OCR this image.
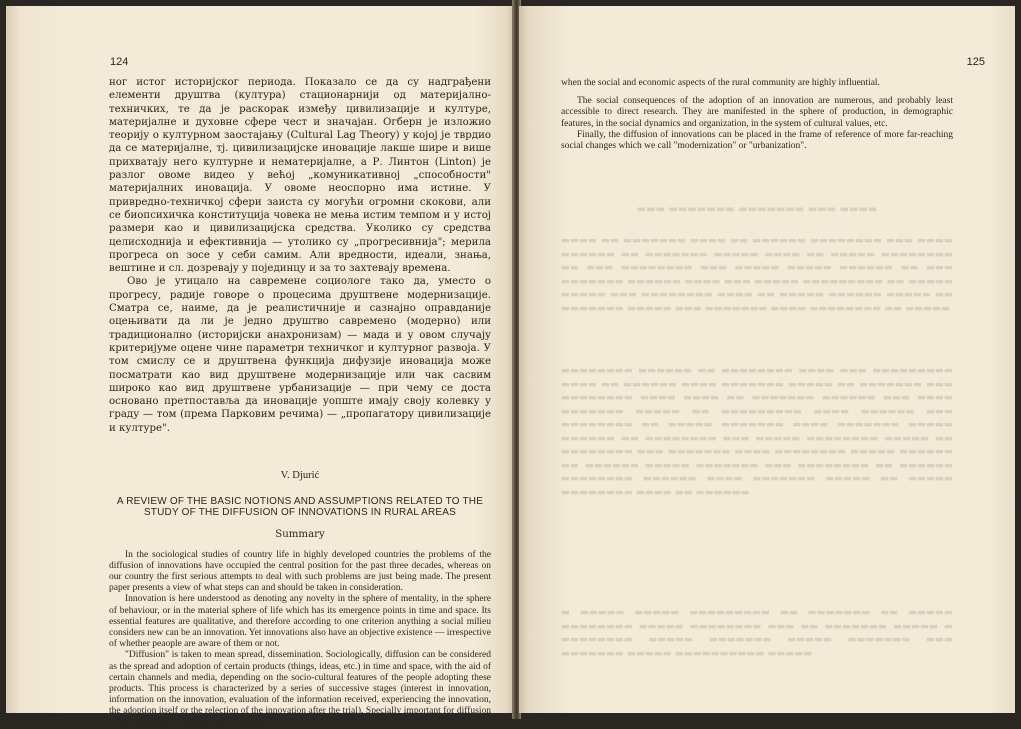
124

ног истог историјског периода. Показало се да су надграђени елементи друштва (културa) стационарнији од материјално-техничких, те да је раскорак између цивилизације и културе, материјалне и духовне сфере чест и значајан. Огберн је изложио теорију о културном заостајању (Cultural Lag Theory) у којој је тврдио да се материјалне, тј. цивилизацијске иновације лакше шире и више прихватају него културне и нематеријалне, а Р. Линтон (Linton) је разлог овоме видео у већој „комуникативној „способности" материјалних иновација. У овоме неоспорно има истине. У привредно-техничкој сфери заиста су могући огромни скокови, али се биопсихичка конституција човека не мења истим темпом и у истој размери као и цивилизацијска средства. Уколико су средства целисходнија и ефективнија — утолико су „прогресивнија"; мерила прогреса on зосе у себи самим. Али вредности, идеали, знања, вештине и сл. дозревају у појединцу и за то захтевају времена.

Ово је утицало на савремене социологе тако да, уместо о прогресу, радије говоре о процесима друштвене модернизације. Сматра се, наиме, да је реалистичније и сазнајно оправданије оцењивати да ли је једно друштво савремено (модерно) или традиционално (историјски анахронизам) — мада и у овом случају критеријуме оцене чине параметри техничког и културног развоја. У том смислу се и друштвена функција дифузије иновација може посматрати као вид друштвене модернизације или чак сасвим широко као вид друштвене урбанизације — при чему се доста основано претпоставља да иновације уопште имају своју колевку у граду — том (према Парковим речима) — „пропагатору цивилизације и културе".

V. Djurić
A REVIEW OF THE BASIC NOTIONS AND ASSUMPTIONS RELATED TO THE STUDY OF THE DIFFUSION OF INNOVATIONS IN RURAL AREAS
Summary

In the sociological studies of country life in highly developed countries the problems of the diffusion of innovations have occupied the central position for the past three decades, whereas on our country the first serious attempts to deal with such problems are just being made. The present paper presents a view of what steps can and should be taken in consideration.

Innovation is here understood as denoting any novelty in the sphere of mentality, in the sphere of behaviour, or in the material sphere of life which has its emergence points in time and space. Its essential features are qualitative, and therefore according to one criterion anything a social milieu considers new can be an innovation. Yet innovations also have an objective existence — irrespective of whether peaople are aware of them or not.

"Diffusion" is taken to mean spread, dissemination. Sociologically, diffusion can be considered as the spread and adoption of certain products (things, ideas, etc.) in time and space, with the aid of certain channels and media, depending on the socio-cultural features of the people adopting these products. This process is characterized by a series of successive stages (interest in innovation, information on the innovation, evaluation of the information received, experiencing the innovation, the adoption itself or the relection of the innovation after the trial). Specially important for diffusion are the stages of information and adoption,

125

when the social and economic aspects of the rural community are highly influential.

The social consequences of the adoption of an innovation are numerous, and probably least accessible to direct research. They are manifested in the sphere of production, in demographic features, in the social dynamics and organization, in the system of cultural values, etc.

Finally, the diffusion of innovations can be placed in the frame of reference of more far-reaching social changes which we call "modernization" or "urbanization".

▬▬▬ ▬▬▬▬▬▬▬ ▬▬▬▬▬▬▬ ▬▬▬ ▬▬▬▬
▬▬▬▬ ▬▬ ▬▬▬▬▬▬▬ ▬▬▬▬ ▬▬ ▬▬▬▬▬▬ ▬▬▬▬▬▬▬▬ ▬▬▬ ▬▬▬▬ ▬▬▬▬▬▬ ▬▬ ▬▬▬▬▬▬▬ ▬▬▬▬▬ ▬▬▬▬ ▬▬ ▬▬▬▬▬ ▬▬▬▬▬▬▬▬ ▬▬ ▬▬▬ ▬▬▬▬▬▬▬▬ ▬▬▬ ▬▬▬▬▬ ▬▬▬▬▬ ▬▬▬▬▬▬ ▬▬ ▬▬▬ ▬▬▬▬▬▬▬ ▬▬▬▬▬▬ ▬▬▬▬ ▬▬▬ ▬▬▬▬▬ ▬▬▬▬▬▬▬▬▬ ▬▬ ▬▬▬▬▬ ▬▬▬▬▬ ▬▬▬ ▬▬▬▬▬▬▬▬ ▬▬▬▬ ▬▬ ▬▬▬▬▬ ▬▬▬▬▬▬ ▬▬▬▬▬ ▬▬ ▬▬▬▬▬▬▬ ▬▬▬▬▬ ▬▬▬ ▬▬▬▬▬▬▬ ▬▬▬▬ ▬▬▬▬▬▬▬▬ ▬▬ ▬▬▬▬▬
▬▬▬▬▬▬▬▬ ▬▬▬▬▬▬ ▬▬ ▬▬▬▬▬▬▬▬ ▬▬▬▬ ▬▬▬ ▬▬▬▬▬▬▬▬▬ ▬▬▬▬ ▬▬ ▬▬▬▬▬▬ ▬▬▬▬ ▬▬▬▬▬▬▬ ▬▬▬▬▬ ▬▬ ▬▬▬▬▬▬▬ ▬▬▬ ▬▬▬▬▬▬▬▬ ▬▬▬▬ ▬▬▬▬ ▬▬ ▬▬▬▬▬▬▬ ▬▬▬▬▬▬ ▬▬▬ ▬▬▬▬ ▬▬▬▬▬▬▬ ▬▬▬▬▬ ▬▬ ▬▬▬▬▬▬▬▬▬ ▬▬▬▬ ▬▬▬▬▬▬ ▬▬▬ ▬▬▬▬▬▬▬▬ ▬▬ ▬▬▬▬▬ ▬▬▬▬▬▬▬ ▬▬▬▬ ▬▬▬▬▬▬▬ ▬▬▬▬▬ ▬▬▬▬▬▬ ▬▬ ▬▬▬▬▬▬▬▬ ▬▬▬ ▬▬▬▬▬ ▬▬▬▬▬▬▬▬ ▬▬▬▬▬ ▬▬ ▬▬▬▬▬▬▬▬ ▬▬▬ ▬▬▬▬▬▬▬ ▬▬▬▬ ▬▬▬▬▬▬▬▬ ▬▬▬▬▬ ▬▬▬▬▬▬ ▬▬ ▬▬▬▬▬▬ ▬▬▬▬▬ ▬▬▬▬▬▬▬ ▬▬▬ ▬▬▬▬▬▬▬▬ ▬▬ ▬▬▬▬▬▬ ▬▬▬▬▬▬▬▬ ▬▬▬▬▬▬ ▬▬▬▬ ▬▬▬▬▬▬▬ ▬▬▬▬▬ ▬▬ ▬▬▬▬▬ ▬▬▬▬▬▬▬▬ ▬▬▬▬ ▬▬ ▬▬▬▬▬▬
▬ ▬▬▬▬▬ ▬▬▬▬▬ ▬▬▬▬▬▬▬▬▬ ▬▬ ▬▬▬▬▬▬▬ ▬▬ ▬▬▬▬▬ ▬▬▬▬▬▬▬▬ ▬▬▬▬▬ ▬▬▬▬▬▬▬▬ ▬▬▬ ▬▬ ▬▬▬▬▬▬▬ ▬▬▬▬▬ ▬ ▬▬▬▬▬▬▬▬ ▬▬▬▬▬ ▬▬▬▬▬▬▬ ▬▬▬▬▬ ▬▬▬▬▬▬▬ ▬▬▬ ▬▬▬▬▬▬▬ ▬▬▬▬▬ ▬▬▬▬▬▬▬▬▬▬ ▬▬▬▬▬
